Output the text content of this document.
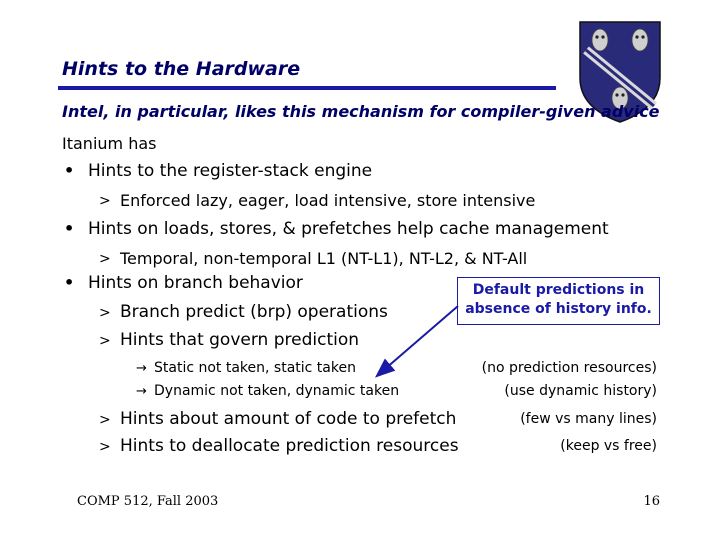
Hints to the Hardware
Intel, in particular, likes this mechanism for compiler-given advice
Itanium has
• Hints to the register-stack engine
> Enforced lazy, eager, load intensive, store intensive
• Hints on loads, stores, & prefetches help cache management
> Temporal, non-temporal L1 (NT-L1), NT-L2, & NT-All
• Hints on branch behavior
> Branch predict (brp) operations
> Hints that govern prediction
→ Static not taken, static taken
→ Dynamic not taken, dynamic taken
> Hints about amount of code to prefetch
> Hints to deallocate prediction resources
Default predictions in
absence of history info.
(no prediction resources)
(use dynamic history)
(few vs many lines)
(keep vs free)
COMP 512, Fall 2003	16
